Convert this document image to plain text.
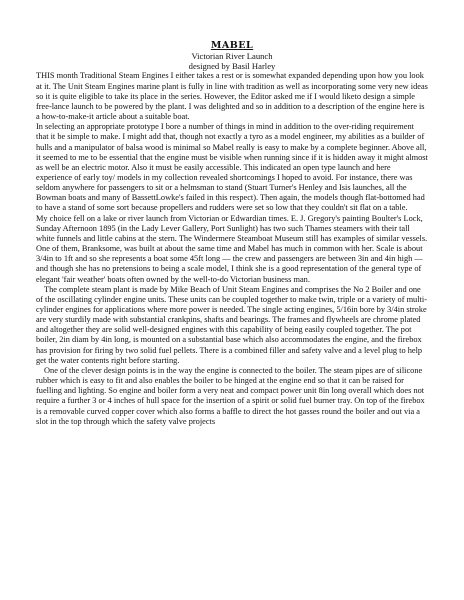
MABEL
Victorian River Launch
designed by Basil Harley

THIS month Traditional Steam Engines I either takes a rest or is somewhat expanded depending upon how you look at it. The Unit Steam Engines marine plant is fully in line with tradition as well as incorporating some very new ideas so it is quite eligible to take its place in the series. However, the Editor asked me if I would liketo design a simple free-lance launch to be powered by the plant. I was delighted and so in addition to a description of the engine here is a how-to-make-it article about a suitable boat.

In selecting an appropriate prototype I bore a number of things in mind in addition to the over-riding requirement that it be simple to make. I might add that, though not exactly a tyro as a model engineer, my abilities as a builder of hulls and a manipulator of balsa wood is minimal so Mabel really is easy to make by a complete beginner. Above all, it seemed to me to be essential that the engine must be visible when running since if it is hidden away it might almost as well be an electric motor. Also it must be easily accessible. This indicated an open type launch and here experience of early toy/ models in my collection revealed shortcomings I hoped to avoid. For instance, there was seldom anywhere for passengers to sit or a helmsman to stand (Stuart Turner's Henley and Isis launches, all the Bowman boats and many of BassettLowke's failed in this respect). Then again, the models though flat-bottomed had to have a stand of some sort because propellers and rudders were set so low that they couldn't sit flat on a table.

My choice fell on a lake or river launch from Victorian or Edwardian times. E. J. Gregory's painting Boulter's Lock, Sunday Afternoon 1895 (in the Lady Lever Gallery, Port Sunlight) has two such Thames steamers with their tall white funnels and little cabins at the stern. The Windermere Steamboat Museum still has examples of similar vessels. One of them, Branksome, was built at about the same time and Mabel has much in common with her. Scale is about 3/4in to 1ft and so she represents a boat some 45ft long — the crew and passengers are between 3in and 4in high — and though she has no pretensions to being a scale model, I think she is a good representation of the general type of elegant 'fair weather' boats often owned by the well-to-do Victorian business man.

The complete steam plant is made by Mike Beach of Unit Steam Engines and comprises the No 2 Boiler and one of the oscillating cylinder engine units. These units can be coupled together to make twin, triple or a variety of multi-cylinder engines for applications where more power is needed. The single acting engines, 5/16in bore by 3/4in stroke are very sturdily made with substantial crankpins, shafts and bearings. The frames and flywheels are chrome plated and altogether they are solid well-designed engines with this capability of being easily coupled together. The pot boiler, 2in diam by 4in long, is mounted on a substantial base which also accommodates the engine, and the firebox has provision for firing by two solid fuel pellets. There is a combined filler and safety valve and a level plug to help get the water contents right before starting.

One of the clever design points is in the way the engine is connected to the boiler. The steam pipes are of silicone rubber which is easy to fit and also enables the boiler to be hinged at the engine end so that it can be raised for fuelling and lighting. So engine and boiler form a very neat and compact power unit 8in long overall which does not require a further 3 or 4 inches of hull space for the insertion of a spirit or solid fuel burner tray. On top of the firebox is a removable curved copper cover which also forms a baffle to direct the hot gasses round the boiler and out via a slot in the top through which the safety valve projects
